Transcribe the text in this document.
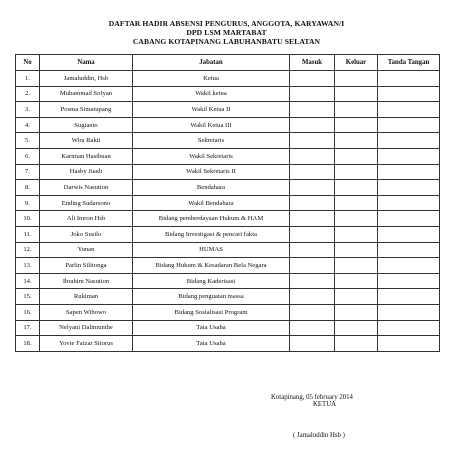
DAFTAR HADIR ABSENSI PENGURUS, ANGGOTA, KARYAWAN/I
DPD LSM MARTABAT
CABANG KOTAPINANG LABUHANBATU SELATAN
No	Nama	Jabatan	Masuk	Keluar	Tanda Tangan
1.	Jamaluddin, Hsb	Ketua			
2.	Muhammad Sofyan	Wakil ketua			
3.	Posma Simatupang	Wakil Ketua II			
4.	Sugianto	Wakil Ketua III			
5.	Wira Bakti	Sekretaris			
6.	Kariman Hasibuan	Wakil Sekretaris			
7.	Hasby Juadi	Wakil Sekretaris II			
8.	Darwis Nasution	Bendahara			
9.	Ending Sudarsono	Wakil Bendahara			
10.	Ali Imron Hsb	Bidang pemberdayaan Hukum & HAM			
11.	Joko Susilo	Bidang Investigasi & pencari fakta			
12.	Yunan	HUMAS			
13.	Parlin Silitonga	Bidang Hukum & Kesadaran Bela Negara			
14.	Ibrahim Nasution	Bidang Kaderisasi			
15.	Rukiman	Bidang penguatan massa			
16.	Sapen Wibowo	Bidang Sosialisasi Program			
17.	Nelyani Dalimunthe	Tata Usaha			
18.	Yovie Faizar Sitorus	Tata Usaha			
Kotapinang, 05 february 2014
KETUA
( Jamaluddin Hsb )
